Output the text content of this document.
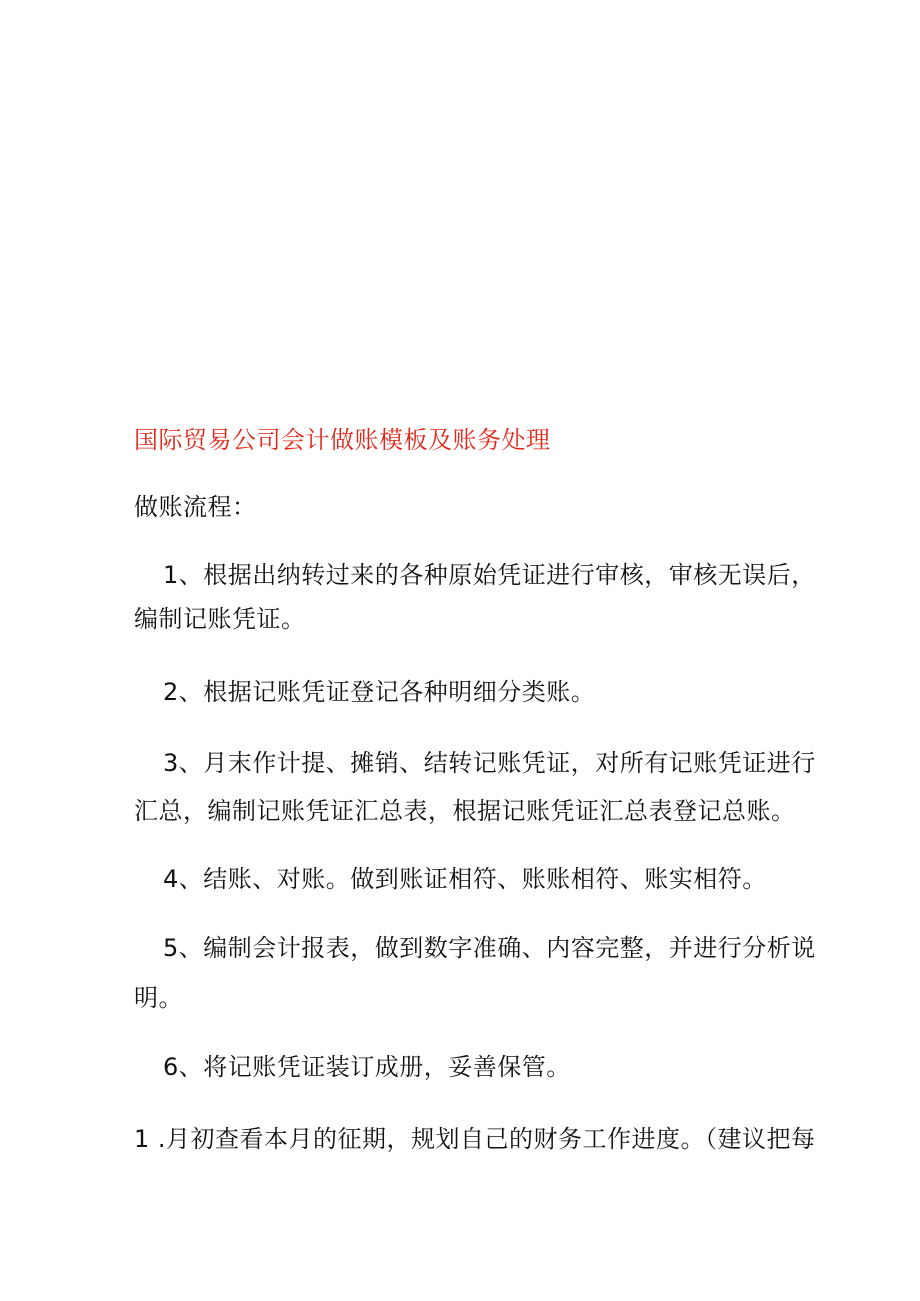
国际贸易公司会计做账模板及账务处理
做账流程：
1、根据出纳转过来的各种原始凭证进行审核，审核无误后，
编制记账凭证。
2、根据记账凭证登记各种明细分类账。
3、月末作计提、摊销、结转记账凭证，对所有记账凭证进行
汇总，编制记账凭证汇总表，根据记账凭证汇总表登记总账。
4、结账、对账。做到账证相符、账账相符、账实相符。
5、编制会计报表，做到数字准确、内容完整，并进行分析说
明。
6、将记账凭证装订成册，妥善保管。
1 .月初查看本月的征期，规划自己的财务工作进度。（建议把每
